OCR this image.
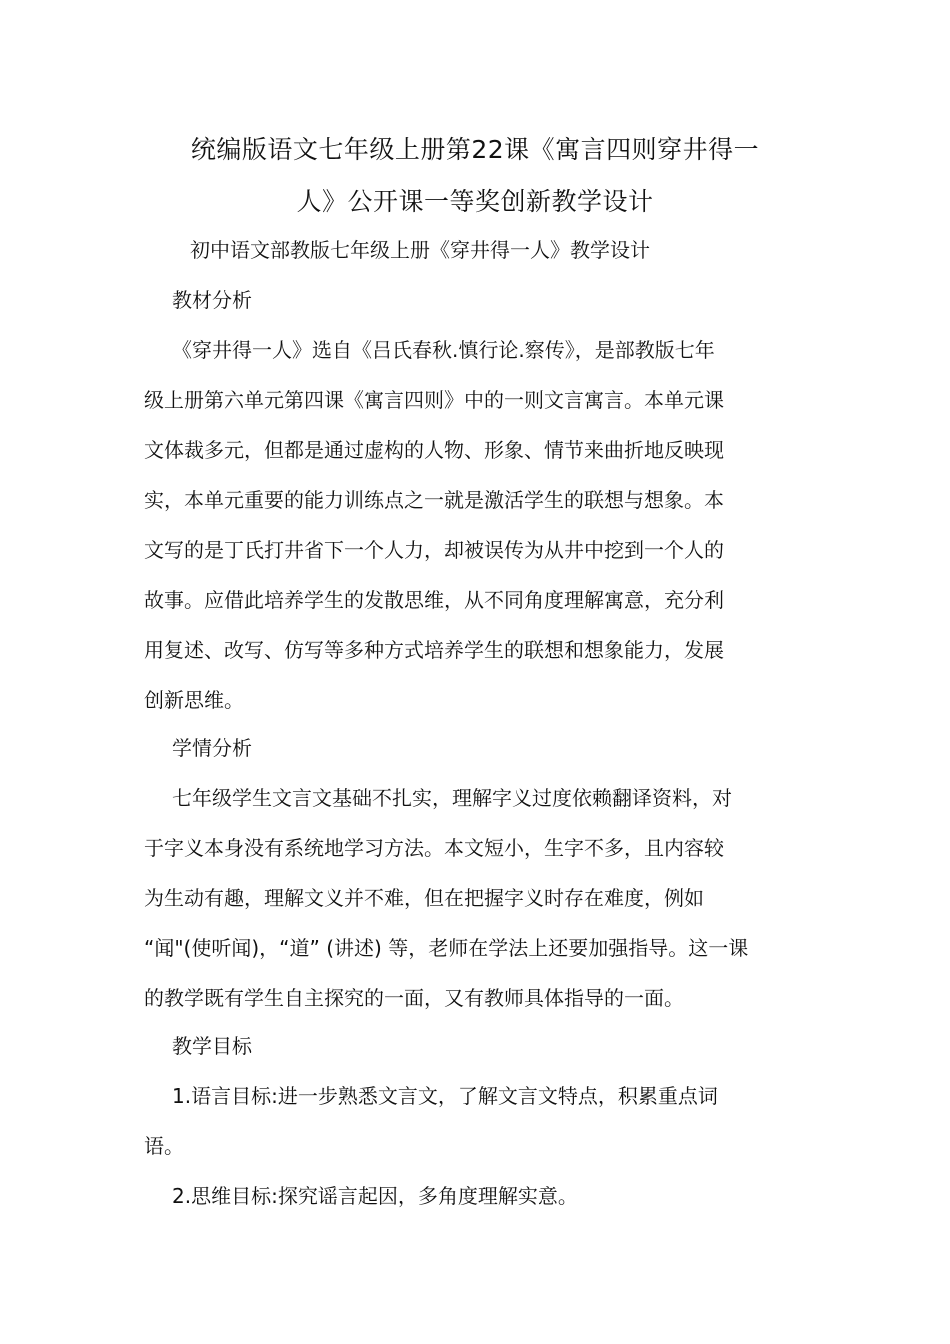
统编版语文七年级上册第22课《寓言四则穿井得一
人》公开课一等奖创新教学设计
初中语文部教版七年级上册《穿井得一人》教学设计
教材分析
《穿井得一人》选自《吕氏春秋.慎行论.察传》，是部教版七年
级上册第六单元第四课《寓言四则》中的一则文言寓言。本单元课
文体裁多元，但都是通过虚构的人物、形象、情节来曲折地反映现
实，本单元重要的能力训练点之一就是激活学生的联想与想象。本
文写的是丁氏打井省下一个人力，却被误传为从井中挖到一个人的
故事。应借此培养学生的发散思维，从不同角度理解寓意，充分利
用复述、改写、仿写等多种方式培养学生的联想和想象能力，发展
创新思维。
学情分析
七年级学生文言文基础不扎实，理解字义过度依赖翻译资料，对
于字义本身没有系统地学习方法。本文短小，生字不多，且内容较
为生动有趣，理解文义并不难，但在把握字义时存在难度，例如
“闻"(使听闻)，“道” (讲述) 等，老师在学法上还要加强指导。这一课
的教学既有学生自主探究的一面，又有教师具体指导的一面。
教学目标
1.语言目标:进一步熟悉文言文，了解文言文特点，积累重点词
语。
2.思维目标:探究谣言起因，多角度理解实意。
